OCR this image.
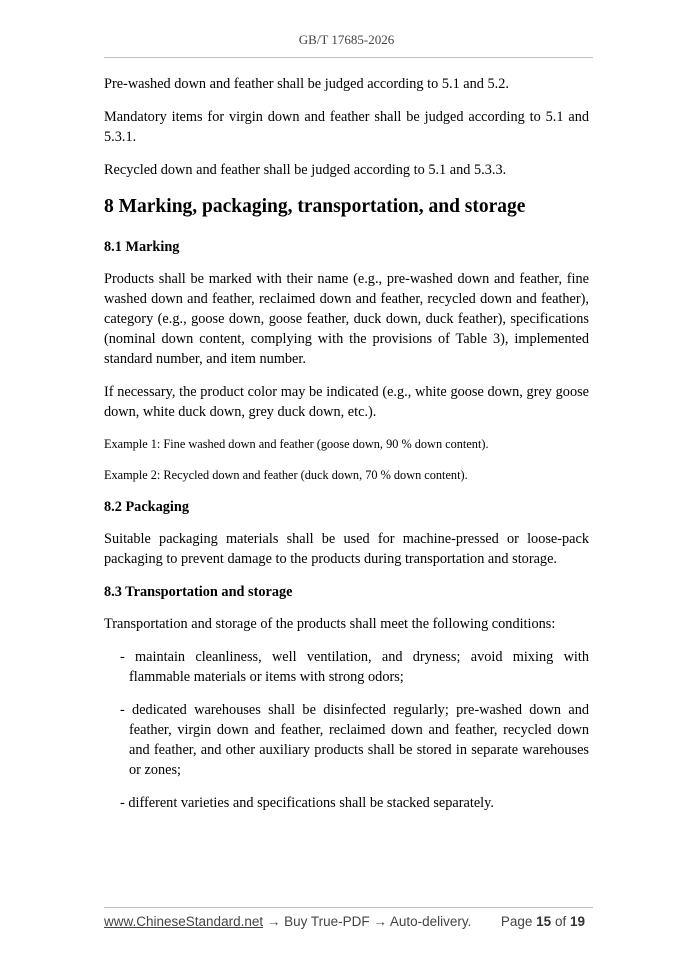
GB/T 17685-2026

Pre-washed down and feather shall be judged according to 5.1 and 5.2.

Mandatory items for virgin down and feather shall be judged according to 5.1 and 5.3.1.

Recycled down and feather shall be judged according to 5.1 and 5.3.3.

8 Marking, packaging, transportation, and storage
8.1 Marking

Products shall be marked with their name (e.g., pre-washed down and feather, fine washed down and feather, reclaimed down and feather, recycled down and feather), category (e.g., goose down, goose feather, duck down, duck feather), specifications (nominal down content, complying with the provisions of Table 3), implemented standard number, and item number.

If necessary, the product color may be indicated (e.g., white goose down, grey goose down, white duck down, grey duck down, etc.).

Example 1: Fine washed down and feather (goose down, 90 % down content).

Example 2: Recycled down and feather (duck down, 70 % down content).

8.2 Packaging

Suitable packaging materials shall be used for machine-pressed or loose-pack packaging to prevent damage to the products during transportation and storage.

8.3 Transportation and storage

Transportation and storage of the products shall meet the following conditions:

- maintain cleanliness, well ventilation, and dryness; avoid mixing with flammable materials or items with strong odors;
- dedicated warehouses shall be disinfected regularly; pre-washed down and feather, virgin down and feather, reclaimed down and feather, recycled down and feather, and other auxiliary products shall be stored in separate warehouses or zones;
- different varieties and specifications shall be stacked separately.
www.ChineseStandard.net → Buy True-PDF → Auto-delivery. Page 15 of 19
